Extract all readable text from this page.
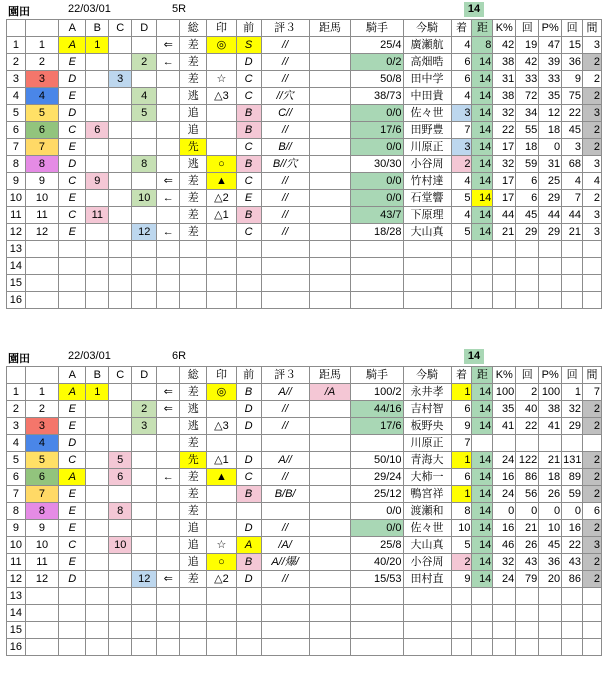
園田	22/03/01	5R	14
		A	B	C	D		総	印	前	評３	距馬	騎手	今騎	着	距	K%	回	P%	回	間
1	1	A	1			⇐	差	◎	S	//		25/4	廣瀬航	4	8	42	19	47	15	3
2	2	E			2	←	差		D	//		0/2	高畑晧	6	14	38	42	39	36	2
3	3	D		3			差	☆	C	//		50/8	田中学	6	14	31	33	33	9	2
4	4	E			4		逃	△3	C	//穴		38/73	中田貴	4	14	38	72	35	75	2
5	5	D			5		追		B	C//		0/0	佐々世	3	14	32	34	12	22	3
6	6	C	6				追		B	//		17/6	田野豊	7	14	22	55	18	45	2
7	7	E					先		C	B//		0/0	川原正	3	14	17	18	0	3	2
8	8	D			8		逃	○	B	B//穴		30/30	小谷周	2	14	32	59	31	68	3
9	9	C	9			⇐	差	▲	C	//		0/0	竹村達	4	14	17	6	25	4	4
10	10	E			10	←	差	△2	E	//		0/0	石堂響	5	14	17	6	29	7	2
11	11	C	11				差	△1	B	//		43/7	下原理	4	14	44	45	44	44	3
12	12	E			12	←	差		C	//		18/28	大山真	5	14	21	29	29	21	3
13																				
14																				
15																				
16																				
園田	22/03/01	6R	14
		A	B	C	D		総	印	前	評３	距馬	騎手	今騎	着	距	K%	回	P%	回	間
1	1	A	1			⇐	差	◎	B	A//	/A	100/2	永井孝	1	14	100	2	100	1	7
2	2	E			2	⇐	逃		D	//		44/16	吉村智	6	14	35	40	38	32	2
3	3	E			3		逃	△3	D	//		17/6	板野央	9	14	41	22	41	29	2
4	4	D					差						川原正	7						
5	5	C		5			先	△1	D	A//		50/10	青海大	1	14	24	122	21	131	2
6	6	A		6		←	差	▲	C	//		29/24	大柿一	6	14	16	86	18	89	2
7	7	E					差		B	B/B/		25/12	鴨宮祥	1	14	24	56	26	59	2
8	8	E		8			差					0/0	渡瀬和	8	14	0	0	0	0	6
9	9	E					追		D	//		0/0	佐々世	10	14	16	21	10	16	2
10	10	C		10			追	☆	A	/A/		25/8	大山真	5	14	46	26	45	22	3
11	11	E					追	○	B	A//爆/		40/20	小谷周	2	14	32	43	36	43	2
12	12	D			12	⇐	差	△2	D	//		15/53	田村直	9	14	24	79	20	86	2
13																				
14																				
15																				
16																				
